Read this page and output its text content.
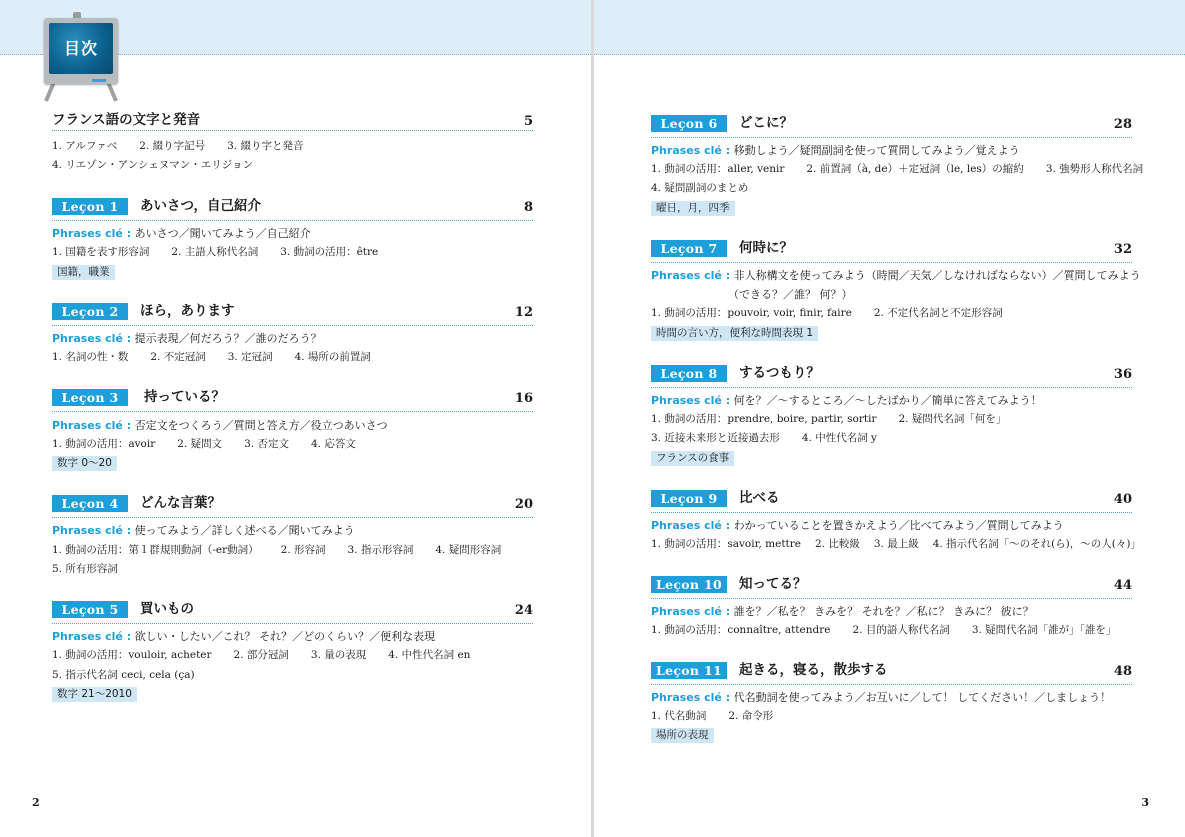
目次
フランス語の文字と発音	5
1. アルファベ 2. 綴り字記号 3. 綴り字と発音
4. リエゾン・アンシェヌマン・エリジョン
Leçon 1	あいさつ，自己紹介	8
Phrases clé : あいさつ／聞いてみよう／自己紹介
1. 国籍を表す形容詞 2. 主語人称代名詞 3. 動詞の活用：être
国籍，職業
Leçon 2	ほら，あります	12
Phrases clé : 提示表現／何だろう？／誰のだろう？
1. 名詞の性・数 2. 不定冠詞 3. 定冠詞 4. 場所の前置詞
Leçon 3	持っている？	16
Phrases clé : 否定文をつくろう／質問と答え方／役立つあいさつ
1. 動詞の活用：avoir 2. 疑問文 3. 否定文 4. 応答文
数字 0〜20
Leçon 4	どんな言葉？	20
Phrases clé : 使ってみよう／詳しく述べる／聞いてみよう
1. 動詞の活用：第１群規則動詞（-er動詞） 2. 形容詞 3. 指示形容詞 4. 疑問形容詞
5. 所有形容詞
Leçon 5	買いもの	24
Phrases clé : 欲しい・したい／これ？ それ？／どのくらい？／便利な表現
1. 動詞の活用：vouloir, acheter 2. 部分冠詞 3. 量の表現 4. 中性代名詞 en
5. 指示代名詞 ceci, cela (ça)
数字 21〜2010
2
Leçon 6	どこに？	28
Phrases clé : 移動しよう／疑問副詞を使って質問してみよう／覚えよう
1. 動詞の活用：aller, venir 2. 前置詞（à, de）＋定冠詞（le, les）の縮約 3. 強勢形人称代名詞
4. 疑問副詞のまとめ
曜日，月，四季
Leçon 7	何時に？	32
Phrases clé : 非人称構文を使ってみよう（時間／天気／しなければならない）／質問してみよう
（できる？／誰？ 何？）
1. 動詞の活用：pouvoir, voir, finir, faire 2. 不定代名詞と不定形容詞
時間の言い方，便利な時間表現 1
Leçon 8	するつもり？	36
Phrases clé : 何を？／〜するところ／〜したばかり／簡単に答えてみよう！
1. 動詞の活用：prendre, boire, partir, sortir 2. 疑問代名詞「何を」
3. 近接未来形と近接過去形 4. 中性代名詞 y
フランスの食事
Leçon 9	比べる	40
Phrases clé : わかっていることを置きかえよう／比べてみよう／質問してみよう
1. 動詞の活用：savoir, mettre 2. 比較級 3. 最上級 4. 指示代名詞「〜のそれ(ら)，〜の人(々)」
Leçon 10	知ってる？	44
Phrases clé : 誰を？／私を？ きみを？ それを？／私に？ きみに？ 彼に？
1. 動詞の活用：connaître, attendre 2. 目的語人称代名詞 3. 疑問代名詞「誰が」「誰を」
Leçon 11	起きる，寝る，散歩する	48
Phrases clé : 代名動詞を使ってみよう／お互いに／して！ してください！／しましょう！
1. 代名動詞 2. 命令形
場所の表現
3
